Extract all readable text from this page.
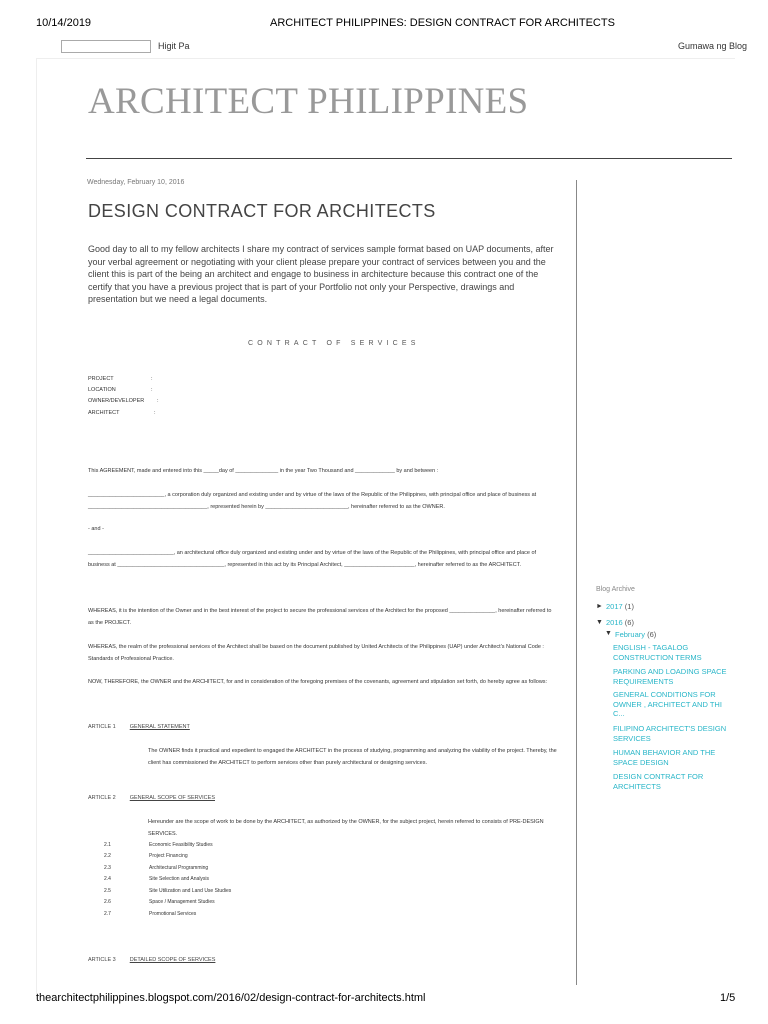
10/14/2019	ARCHITECT PHILIPPINES: DESIGN CONTRACT FOR ARCHITECTS
Higit Pa	Gumawa ng Blog
ARCHITECT PHILIPPINES
Wednesday, February 10, 2016
DESIGN CONTRACT FOR ARCHITECTS
Good day to all to my fellow architects I share my contract of services sample format based on UAP documents, after your verbal agreement or negotiating with your client please prepare your contract of services between you and the client this is part of the being an architect and engage to business in architecture because this contract one of the certify that you have a previous project that is part of your Portfolio not only your Perspective, drawings and presentation but we need a legal documents.
CONTRACT OF SERVICES
PROJECT	:
LOCATION	:
OWNER/DEVELOPER :
ARCHITECT	:
This AGREEMENT, made and entered into this _____day of ______________ in the year Two Thousand and _____________ by and between :
_________________________, a corporation duly organized and existing under and by virtue of the laws of the Republic of the Philippines, with principal office and place of business at _______________________________________, represented herein by ___________________________, hereinafter referred to as the OWNER.
- and -
____________________________, an architectural office duly organized and existing under and by virtue of the laws of the Republic of the Philippines, with principal office and place of business at ___________________________________, represented in this act by its Principal Architect, _______________________, hereinafter referred to as the ARCHITECT.
WHEREAS, it is the intention of the Owner and in the best interest of the project to secure the professional services of the Architect for the proposed _______________, hereinafter referred to as the PROJECT.
WHEREAS, the realm of the professional services of the Architect shall be based on the document published by United Architects of the Philippines (UAP) under Architect's National Code : Standards of Professional Practice.
NOW, THEREFORE, the OWNER and the ARCHITECT, for and in consideration of the foregoing premises of the covenants, agreement and stipulation set forth, do hereby agree as follows:
ARTICLE 1	GENERAL STATEMENT
The OWNER finds it practical and expedient to engaged the ARCHITECT in the process of studying, programming and analyzing the viability of the project. Thereby, the client has commissioned the ARCHITECT to perform services other than purely architectural or designing services.
ARTICLE 2	GENERAL SCOPE OF SERVICES
Hereunder are the scope of work to be done by the ARCHITECT, as authorized by the OWNER, for the subject project, herein referred to consists of PRE-DESIGN SERVICES.
2.1	Economic Feasibility Studies
2.2	Project Financing
2.3	Architectural Programming
2.4	Site Selection and Analysis
2.5	Site Utilization and Land Use Studies
2.6	Space / Management Studies
2.7	Promotional Services
ARTICLE 3	DETAILED SCOPE OF SERVICES
Blog Archive
► 2017 (1)
▼ 2016 (6)
▼ February (6)
ENGLISH - TAGALOG CONSTRUCTION TERMS
PARKING AND LOADING SPACE REQUIREMENTS
GENERAL CONDITIONS FOR OWNER , ARCHITECT AND THI C...
FILIPINO ARCHITECT'S DESIGN SERVICES
HUMAN BEHAVIOR AND THE SPACE DESIGN
DESIGN CONTRACT FOR ARCHITECTS
thearchitectphilippines.blogspot.com/2016/02/design-contract-for-architects.html	1/5
